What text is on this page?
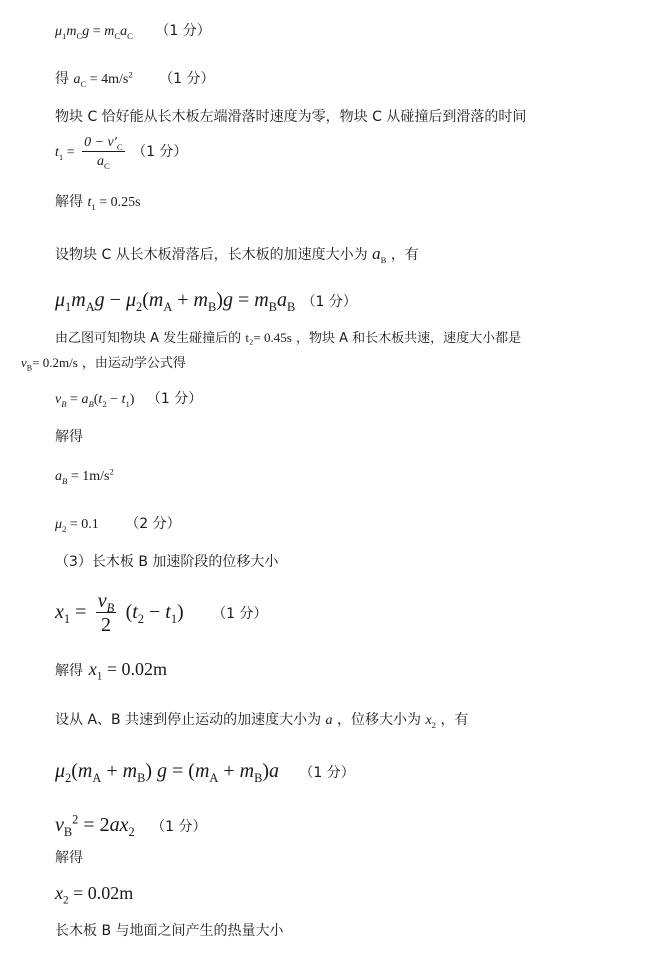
$\mu_1m_Cg = m_Ca_C$ （1 分）
得 $a_C = 4m/s^2$ （1 分）
物块 C 恰好能从长木板左端滑落时速度为零，物块 C 从碰撞后到滑落的时间
$t_1 = \frac{0 - v'_C}{a_C} (1$ 分）
解得 $t_1 = 0.25s$
设物块 C 从长木板滑落后，长木板的加速度大小为 $a_B$ ，有
$\mu_1m_Ag - \mu_2(m_A + m_B)g = m_Ba_B$ （1 分）
由乙图可知物块 A 发生碰撞后的 t₂= 0.45s ，物块 A 和长木板共速，速度大小都是
$v_B= 0.2m/s$ ，由运动学公式得
$v_B = a_B(t_2 - t_1)$ （1 分）
解得
$a_B = 1m/s^2$
$\mu_2 = 0.1$ （2 分）
（3）长木板 B 加速阶段的位移大小
$x_1 = \frac{v_B}{2} (t_2 - t_1)$ （1 分）
解得 $x_1 = 0.02m$
设从 A、B 共速到停止运动的加速度大小为 a ，位移大小为 $x_2$ ，有
$\mu_2(m_A + m_B) g = (m_A + m_B)a$ （1 分）
$v_B^2 = 2ax_2$ （1 分）
解得
$x_2 = 0.02m$
长木板 B 与地面之间产生的热量大小
